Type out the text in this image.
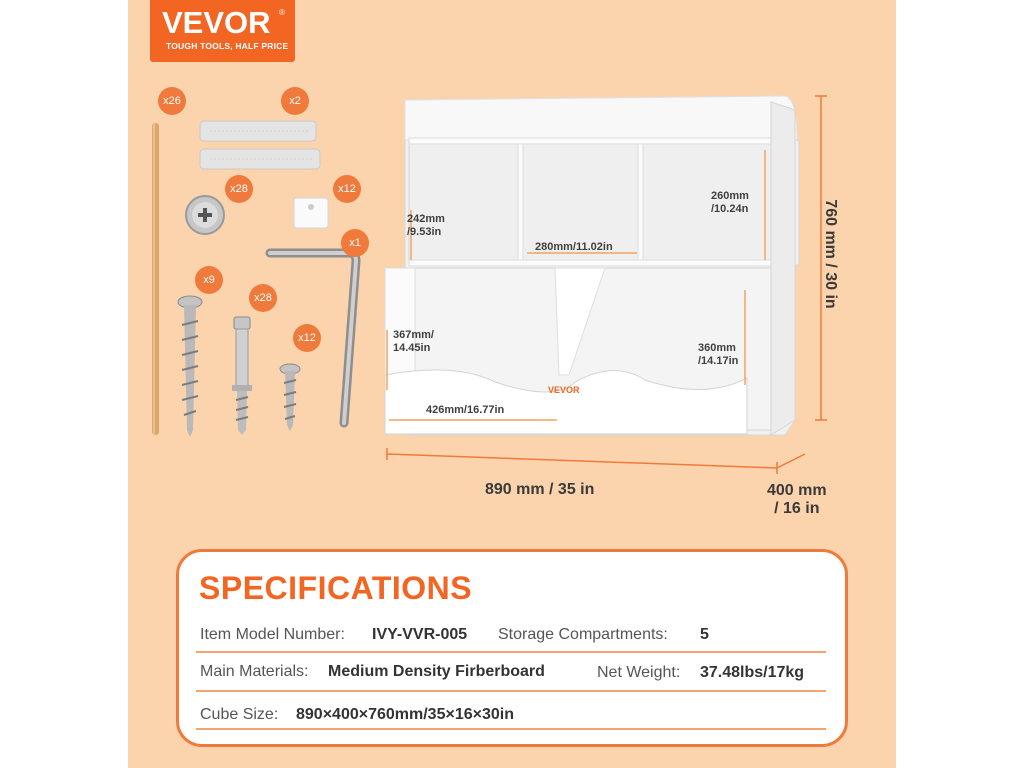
VEVOR ®
TOUGH TOOLS, HALF PRICE
x26	x2
x28	x12
x1
x9
x28
x12
VEVOR
242mm
/9.53in
280mm/11.02in
260mm
/10.24n
367mm/
14.45in	360mm
/14.17in
426mm/16.77in
760 mm / 30 in
890 mm / 35 in	400 mm
/ 16 in
SPECIFICATIONS
Item Model Number: IVY-VVR-005 Storage Compartments: 5
Main Materials: Medium Density Firberboard	Net Weight: 37.48lbs/17kg
Cube Size: 890×400×760mm/35×16×30in
